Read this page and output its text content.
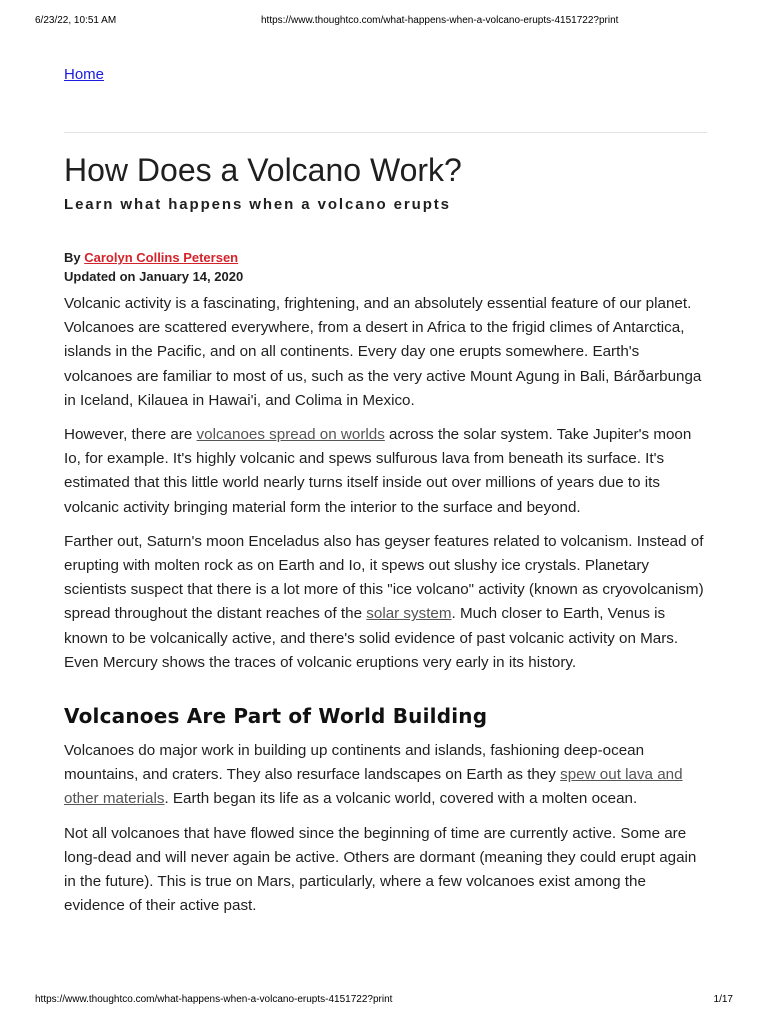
6/23/22, 10:51 AM	https://www.thoughtco.com/what-happens-when-a-volcano-erupts-4151722?print
Home
How Does a Volcano Work?
Learn what happens when a volcano erupts
By Carolyn Collins Petersen
Updated on January 14, 2020

Volcanic activity is a fascinating, frightening, and an absolutely essential feature of our planet. Volcanoes are scattered everywhere, from a desert in Africa to the frigid climes of Antarctica, islands in the Pacific, and on all continents. Every day one erupts somewhere. Earth's volcanoes are familiar to most of us, such as the very active Mount Agung in Bali, Bárðarbunga in Iceland, Kilauea in Hawai'i, and Colima in Mexico.

However, there are volcanoes spread on worlds across the solar system. Take Jupiter's moon Io, for example. It's highly volcanic and spews sulfurous lava from beneath its surface. It's estimated that this little world nearly turns itself inside out over millions of years due to its volcanic activity bringing material form the interior to the surface and beyond.

Farther out, Saturn's moon Enceladus also has geyser features related to volcanism. Instead of erupting with molten rock as on Earth and Io, it spews out slushy ice crystals. Planetary scientists suspect that there is a lot more of this "ice volcano" activity (known as cryovolcanism) spread throughout the distant reaches of the solar system. Much closer to Earth, Venus is known to be volcanically active, and there's solid evidence of past volcanic activity on Mars. Even Mercury shows the traces of volcanic eruptions very early in its history.

Volcanoes Are Part of World Building

Volcanoes do major work in building up continents and islands, fashioning deep-ocean mountains, and craters. They also resurface landscapes on Earth as they spew out lava and other materials. Earth began its life as a volcanic world, covered with a molten ocean.

Not all volcanoes that have flowed since the beginning of time are currently active. Some are long-dead and will never again be active. Others are dormant (meaning they could erupt again in the future). This is true on Mars, particularly, where a few volcanoes exist among the evidence of their active past.

https://www.thoughtco.com/what-happens-when-a-volcano-erupts-4151722?print	1/17
